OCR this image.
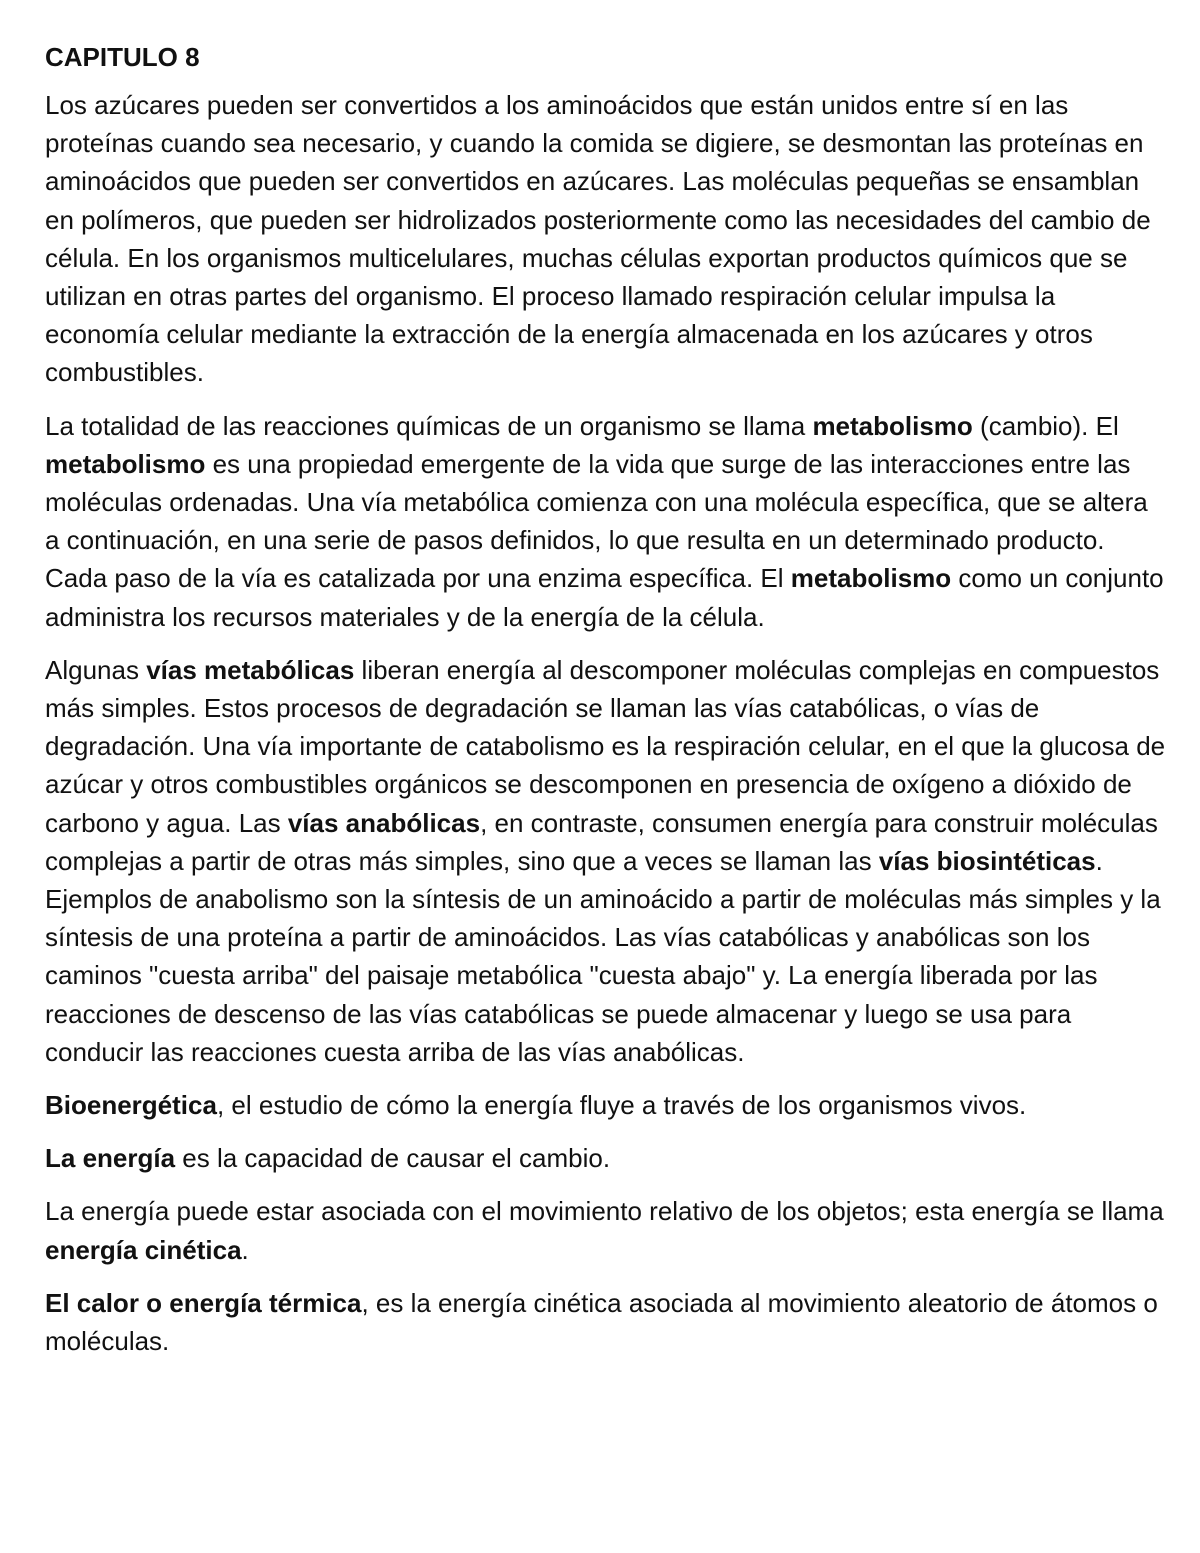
CAPITULO 8

Los azúcares pueden ser convertidos a los aminoácidos que están unidos entre sí en las proteínas cuando sea necesario, y cuando la comida se digiere, se desmontan las proteínas en aminoácidos que pueden ser convertidos en azúcares. Las moléculas pequeñas se ensamblan en polímeros, que pueden ser hidrolizados posteriormente como las necesidades del cambio de célula. En los organismos multicelulares, muchas células exportan productos químicos que se utilizan en otras partes del organismo. El proceso llamado respiración celular impulsa la economía celular mediante la extracción de la energía almacenada en los azúcares y otros combustibles.

La totalidad de las reacciones químicas de un organismo se llama metabolismo (cambio). El metabolismo es una propiedad emergente de la vida que surge de las interacciones entre las moléculas ordenadas. Una vía metabólica comienza con una molécula específica, que se altera a continuación, en una serie de pasos definidos, lo que resulta en un determinado producto. Cada paso de la vía es catalizada por una enzima específica. El metabolismo como un conjunto administra los recursos materiales y de la energía de la célula.

Algunas vías metabólicas liberan energía al descomponer moléculas complejas en compuestos más simples. Estos procesos de degradación se llaman las vías catabólicas, o vías de degradación. Una vía importante de catabolismo es la respiración celular, en el que la glucosa de azúcar y otros combustibles orgánicos se descomponen en presencia de oxígeno a dióxido de carbono y agua. Las vías anabólicas, en contraste, consumen energía para construir moléculas complejas a partir de otras más simples, sino que a veces se llaman las vías biosintéticas. Ejemplos de anabolismo son la síntesis de un aminoácido a partir de moléculas más simples y la síntesis de una proteína a partir de aminoácidos. Las vías catabólicas y anabólicas son los caminos "cuesta arriba" del paisaje metabólica "cuesta abajo" y. La energía liberada por las reacciones de descenso de las vías catabólicas se puede almacenar y luego se usa para conducir las reacciones cuesta arriba de las vías anabólicas.

Bioenergética, el estudio de cómo la energía fluye a través de los organismos vivos.

La energía es la capacidad de causar el cambio.

La energía puede estar asociada con el movimiento relativo de los objetos; esta energía se llama energía cinética.

El calor o energía térmica, es la energía cinética asociada al movimiento aleatorio de átomos o moléculas.
